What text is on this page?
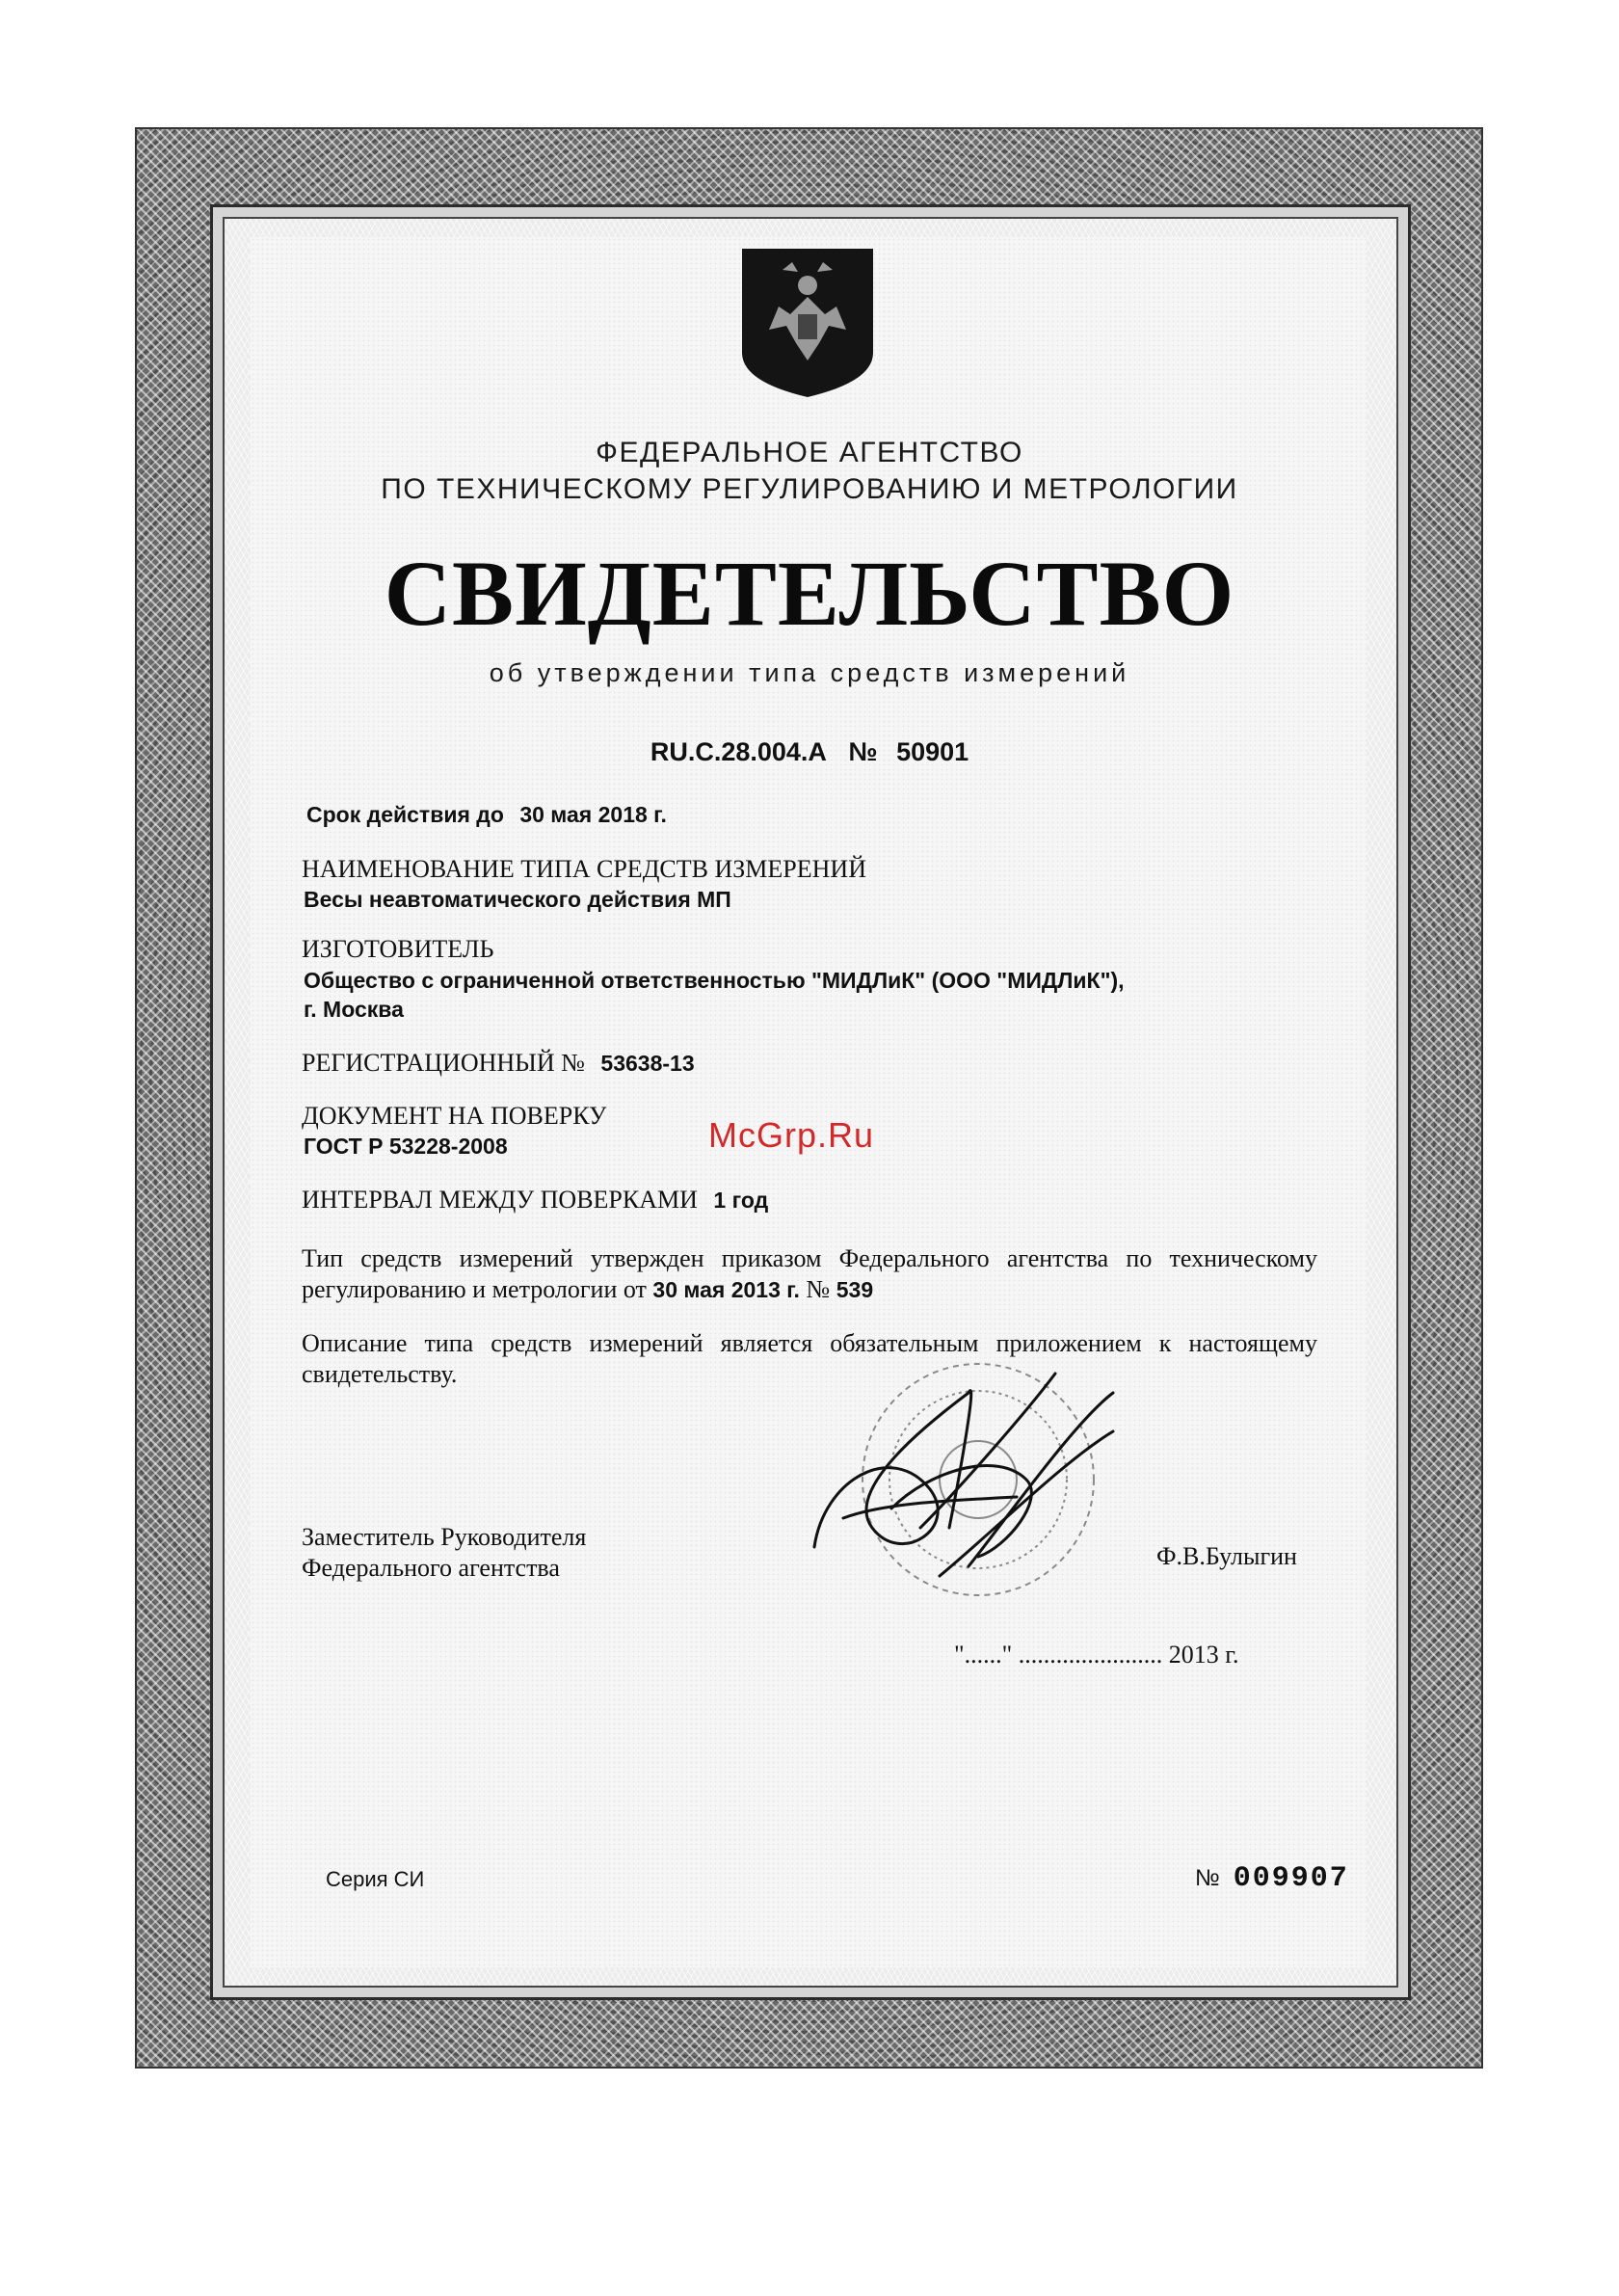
ФЕДЕРАЛЬНОЕ АГЕНТСТВО
ПО ТЕХНИЧЕСКОМУ РЕГУЛИРОВАНИЮ И МЕТРОЛОГИИ
СВИДЕТЕЛЬСТВО
об утверждении типа средств измерений
RU.C.28.004.A № 50901
Срок действия до 30 мая 2018 г.
НАИМЕНОВАНИЕ ТИПА СРЕДСТВ ИЗМЕРЕНИЙ
Весы неавтоматического действия МП
ИЗГОТОВИТЕЛЬ
Общество с ограниченной ответственностью "МИДЛиК" (ООО "МИДЛиК"),
г. Москва
РЕГИСТРАЦИОННЫЙ № 53638-13
ДОКУМЕНТ НА ПОВЕРКУ
ГОСТ Р 53228-2008	McGrp.Ru
ИНТЕРВАЛ МЕЖДУ ПОВЕРКАМИ 1 год
Тип средств измерений утвержден приказом Федерального агентства по техническому регулированию и метрологии от 30 мая 2013 г. № 539
Описание типа средств измерений является обязательным приложением к настоящему свидетельству.
Заместитель Руководителя
Федерального агентства	Ф.В.Булыгин
"......" ....................... 2013 г.
Серия СИ	№ 009907
